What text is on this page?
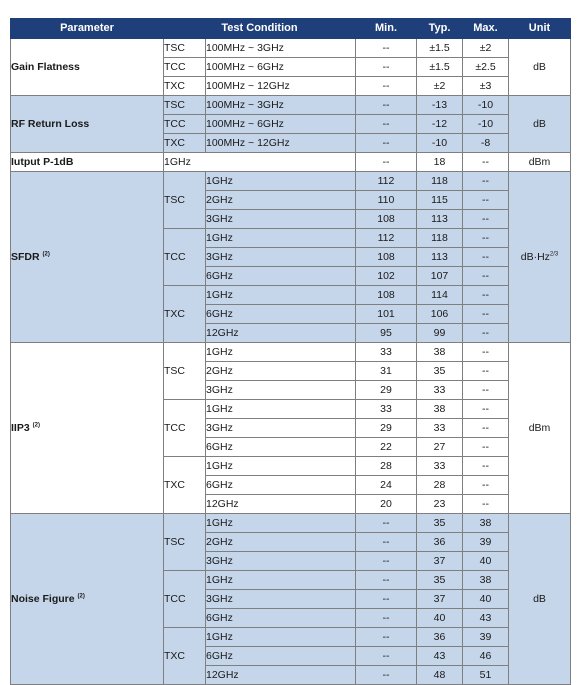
Parameter	Test Condition		Min.	Typ.	Max.	Unit
Gain Flatness	TSC	100MHz ~ 3GHz	--	±1.5	±2	dB
	TCC	100MHz ~ 6GHz	--	±1.5	±2.5	
	TXC	100MHz ~ 12GHz	--	±2	±3	
RF Return Loss	TSC	100MHz ~ 3GHz	--	-13	-10	dB
	TCC	100MHz ~ 6GHz	--	-12	-10	
	TXC	100MHz ~ 12GHz	--	-10	-8	
Iutput P-1dB	1GHz		--	18	--	dBm
SFDR $^{(2)}$	TSC	1GHz	112	118	--	$dB\cdot Hz^{2/3}$
		2GHz	110	115	--	
		3GHz	108	113	--	
	TCC	1GHz	112	118	--	
		3GHz	108	113	--	
		6GHz	102	107	--	
	TXC	1GHz	108	114	--	
		6GHz	101	106	--	
		12GHz	95	99	--	
IIP3 $^{(2)}$	TSC	1GHz	33	38	--	dBm
		2GHz	31	35	--	
		3GHz	29	33	--	
	TCC	1GHz	33	38	--	
		3GHz	29	33	--	
		6GHz	22	27	--	
	TXC	1GHz	28	33	--	
		6GHz	24	28	--	
		12GHz	20	23	--	
Noise Figure $^{(2)}$	TSC	1GHz	--	35	38	dB
		2GHz	--	36	39	
		3GHz	--	37	40	
	TCC	1GHz	--	35	38	
		3GHz	--	37	40	
		6GHz	--	40	43	
	TXC	1GHz	--	36	39	
		6GHz	--	43	46	
		12GHz	--	48	51	
